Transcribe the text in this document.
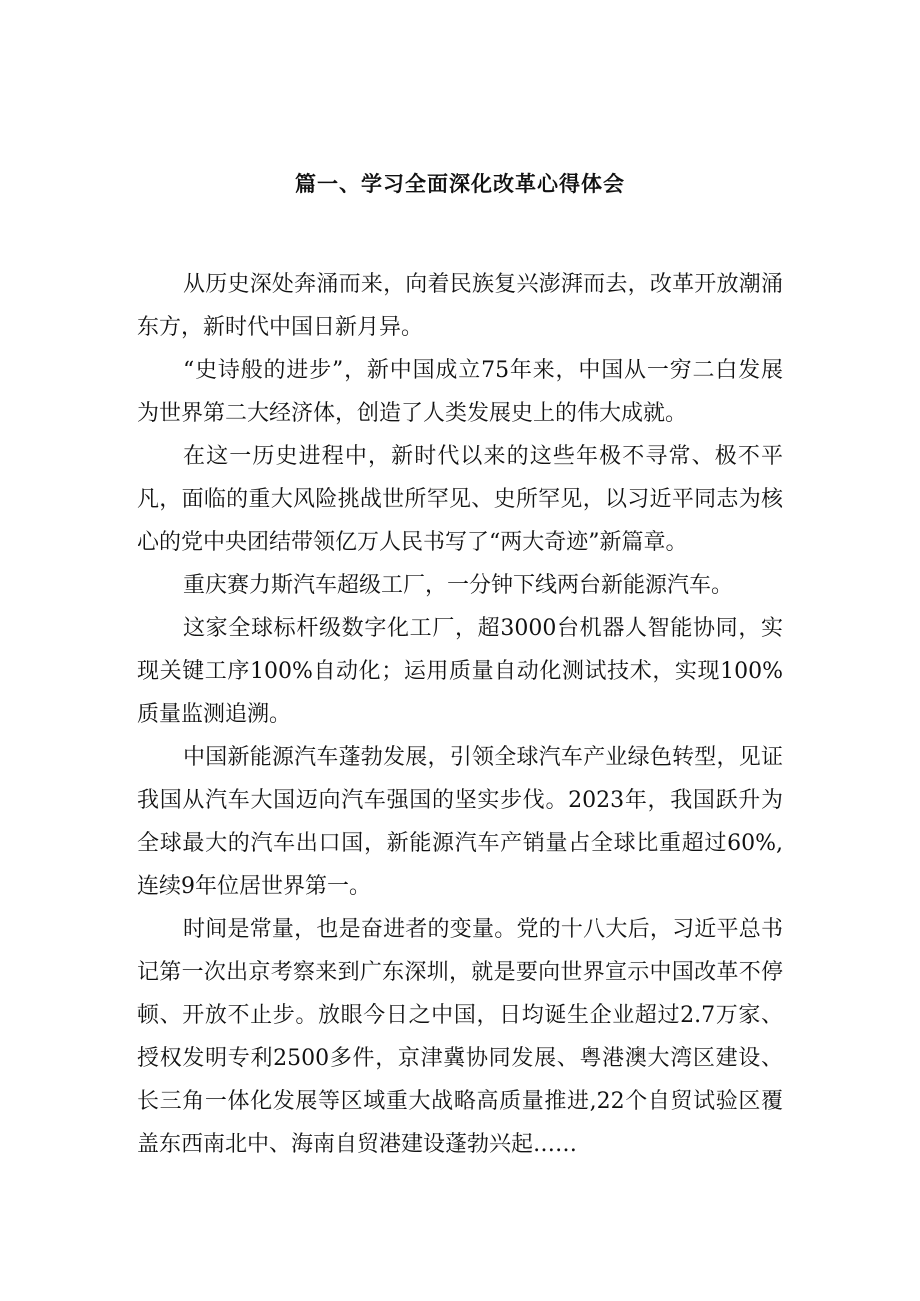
篇一、学习全面深化改革心得体会

从历史深处奔涌而来，向着民族复兴澎湃而去，改革开放潮涌东方，新时代中国日新月异。

“史诗般的进步”，新中国成立75年来，中国从一穷二白发展为世界第二大经济体，创造了人类发展史上的伟大成就。

在这一历史进程中，新时代以来的这些年极不寻常、极不平凡，面临的重大风险挑战世所罕见、史所罕见，以习近平同志为核心的党中央团结带领亿万人民书写了“两大奇迹”新篇章。

重庆赛力斯汽车超级工厂，一分钟下线两台新能源汽车。

这家全球标杆级数字化工厂，超3000台机器人智能协同，实现关键工序100%自动化；运用质量自动化测试技术，实现100%质量监测追溯。

中国新能源汽车蓬勃发展，引领全球汽车产业绿色转型，见证我国从汽车大国迈向汽车强国的坚实步伐。2023年，我国跃升为全球最大的汽车出口国，新能源汽车产销量占全球比重超过60%,连续9年位居世界第一。

时间是常量，也是奋进者的变量。党的十八大后，习近平总书记第一次出京考察来到广东深圳，就是要向世界宣示中国改革不停顿、开放不止步。放眼今日之中国，日均诞生企业超过2.7万家、授权发明专利2500多件，京津冀协同发展、粤港澳大湾区建设、长三角一体化发展等区域重大战略高质量推进,22个自贸试验区覆盖东西南北中、海南自贸港建设蓬勃兴起……
